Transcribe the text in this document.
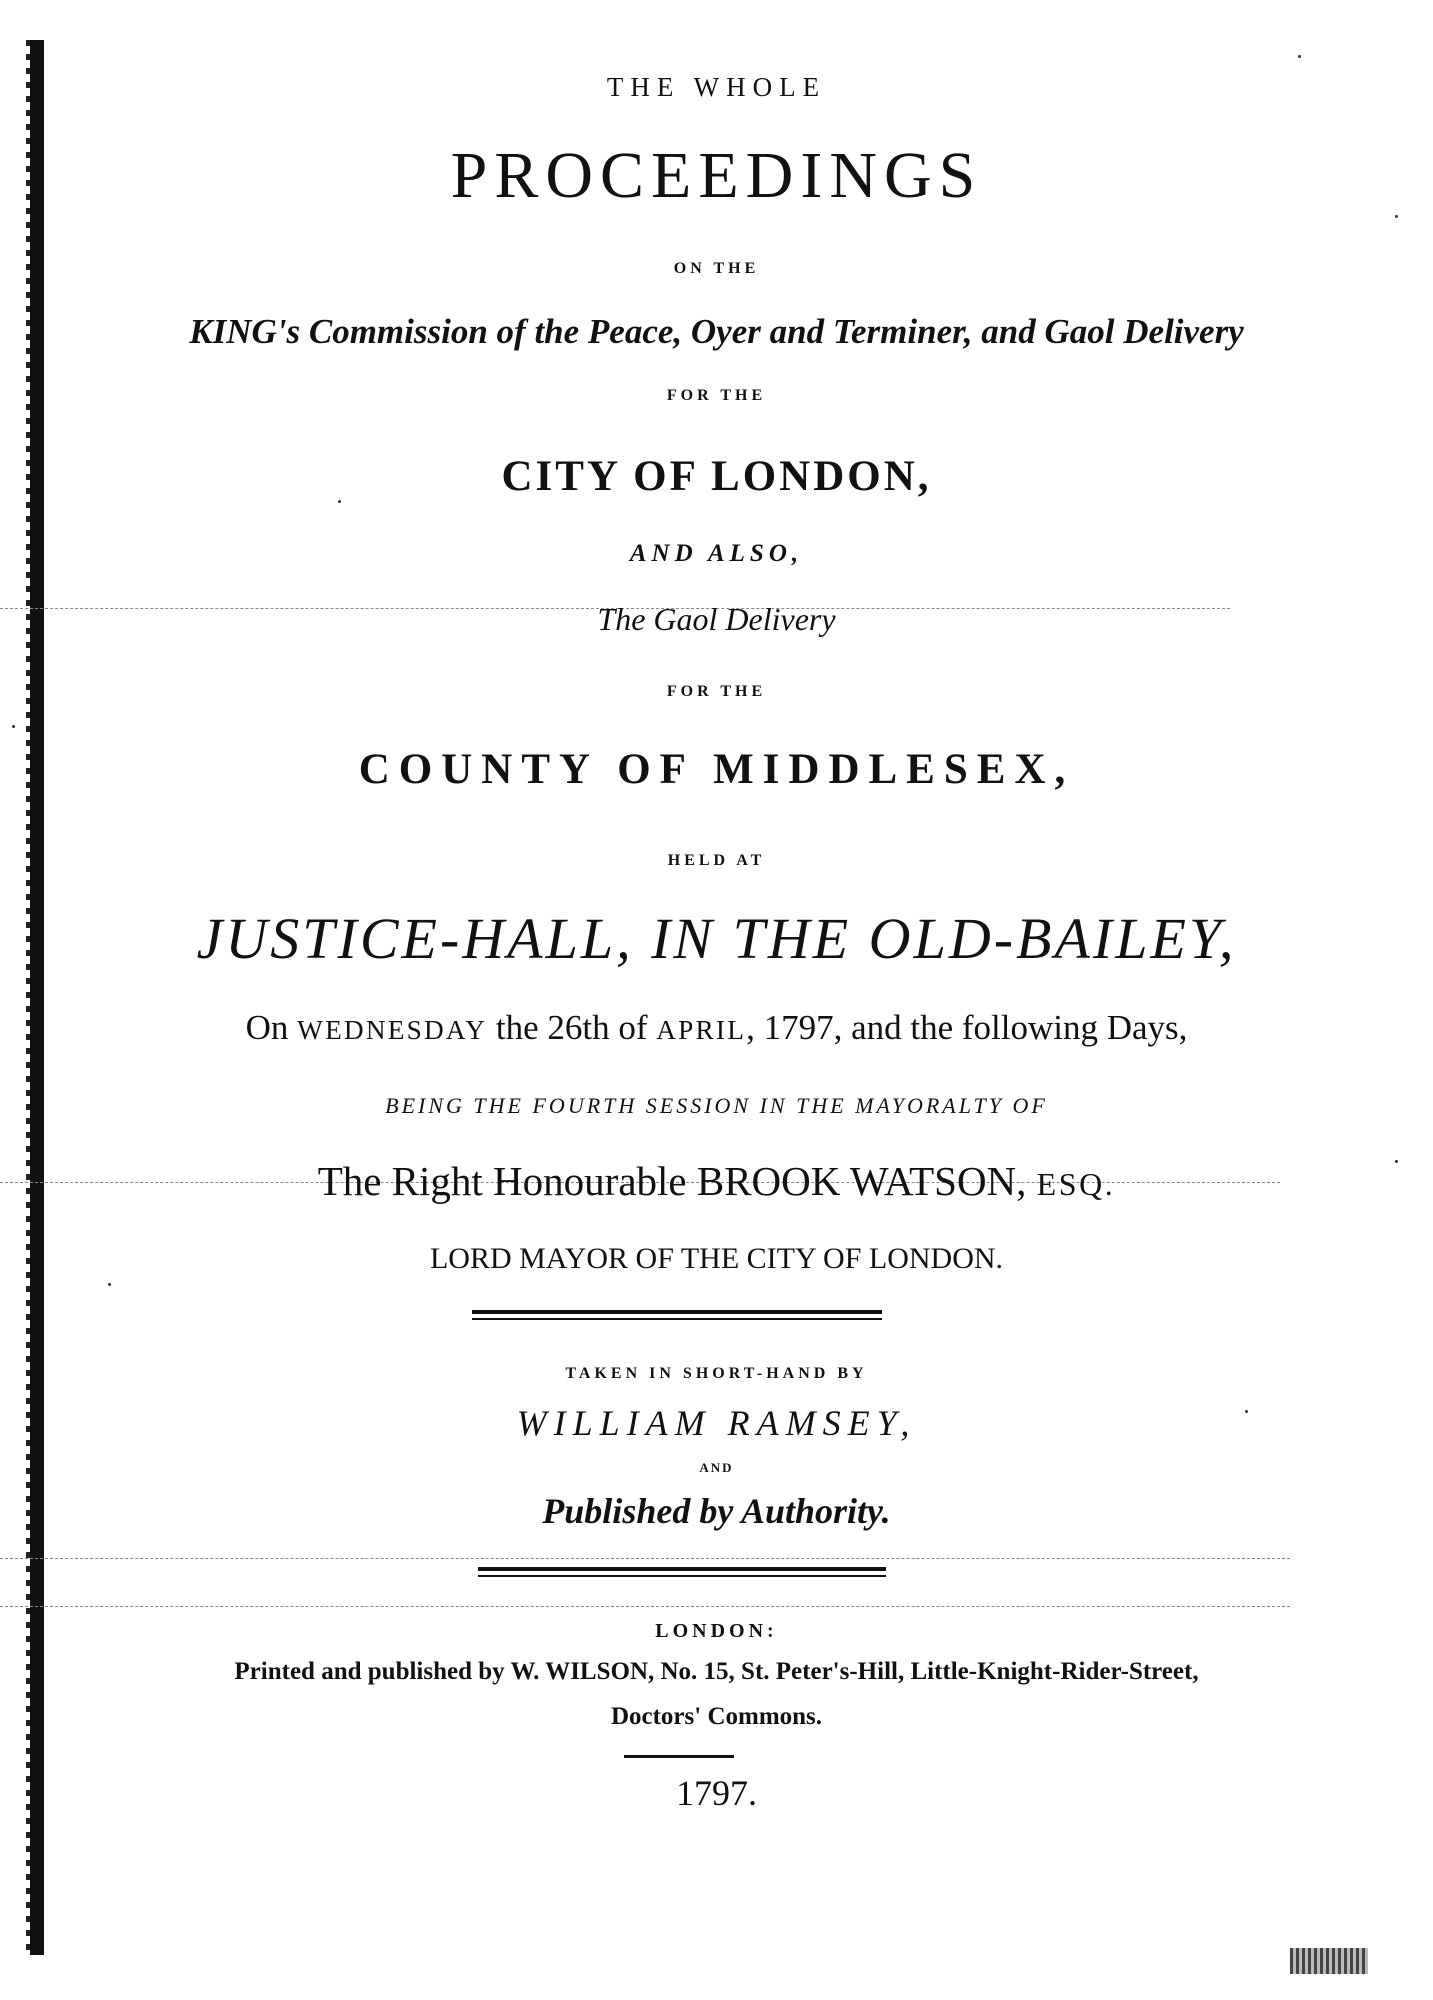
THE WHOLE
PROCEEDINGS
ON THE
KING's Commission of the Peace, Oyer and Terminer, and Gaol Delivery
FOR THE
CITY OF LONDON,
AND ALSO,
The Gaol Delivery
FOR THE
COUNTY OF MIDDLESEX,
HELD AT
JUSTICE-HALL, IN THE OLD-BAILEY,
On WEDNESDAY the 26th of APRIL, 1797, and the following Days,
BEING THE FOURTH SESSION IN THE MAYORALTY OF
The Right Honourable BROOK WATSON, ESQ.
LORD MAYOR OF THE CITY OF LONDON.
TAKEN IN SHORT-HAND BY
WILLIAM RAMSEY,
AND
Published by Authority.
LONDON:
Printed and published by W. WILSON, No. 15, St. Peter's-Hill, Little-Knight-Rider-Street,
Doctors' Commons.
1797.
